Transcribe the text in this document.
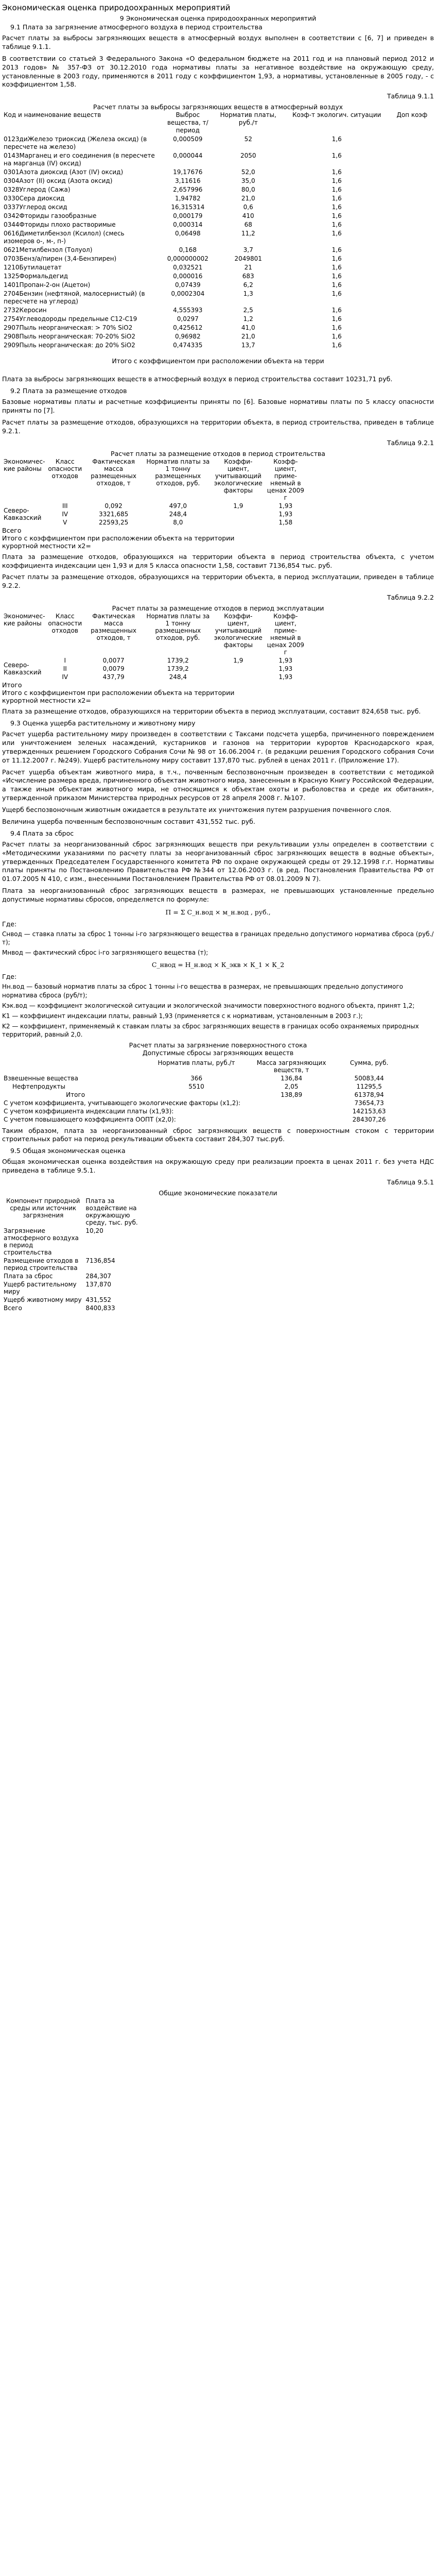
Экономическая оценка природоохранных мероприятий
9 Экономическая оценка природоохранных мероприятий
9.1 Плата за загрязнение атмосферного воздуха в период строительства

Расчет платы за выбросы загрязняющих веществ в атмосферный воздух выполнен в соответствии с [6, 7] и приведен в таблице 9.1.1.

В соответствии со статьей 3 Федерального Закона «О федеральном бюджете на 2011 год и на плановый период 2012 и 2013 годов» № 357-ФЗ от 30.12.2010 года нормативы платы за негативное воздействие на окружающую среду, установленные в 2003 году, применяются в 2011 году с коэффициентом 1,93, а нормативы, установленные в 2005 году, - с коэффициентом 1,58.

Таблица 9.1.1
Расчет платы за выбросы загрязняющих веществ в атмосферный воздух
Код и наименование веществ	Выброс вещества, т/период	Норматив платы, руб./т	Коэф-т экологич. ситуации	Доп коэф
0123диЖелезо триоксид (Железа оксид) (в пересчете на железо)	0,000509	52	1,6	
0143Марганец и его соединения (в пересчете на марганца (IV) оксид)	0,000044	2050	1,6	
0301Азота диоксид (Азот (IV) оксид)	19,17676	52,0	1,6	
0304Азот (II) оксид (Азота оксид)	3,11616	35,0	1,6	
0328Углерод (Сажа)	2,657996	80,0	1,6	
0330Сера диоксид	1,94782	21,0	1,6	
0337Углерод оксид	16,315314	0,6	1,6	
0342Фториды газообразные	0,000179	410	1,6	
0344Фториды плохо растворимые	0,000314	68	1,6	
0616Диметилбензол (Ксилол) (смесь изомеров о-, м-, п-)	0,06498	11,2	1,6	
0621Метилбензол (Толуол)	0,168	3,7	1,6	
0703Бенз/а/пирен (3,4-Бензпирен)	0,000000002	2049801	1,6	
1210Бутилацетат	0,032521	21	1,6	
1325Формальдегид	0,000016	683	1,6	
1401Пропан-2-он (Ацетон)	0,07439	6,2	1,6	
2704Бензин (нефтяной, малосернистый) (в пересчете на углерод)	0,0002304	1,3	1,6	
2732Керосин	4,555393	2,5	1,6	
2754Углеводороды предельные C12-C19	0,0297	1,2	1,6	
2907Пыль неорганическая: > 70% SiO2	0,425612	41,0	1,6	
2908Пыль неорганическая: 70-20% SiO2	0,96982	21,0	1,6	
2909Пыль неорганическая: до 20% SiO2	0,474335	13,7	1,6	
Итого с коэффициентом при расположении объекта на терри

Плата за выбросы загрязняющих веществ в атмосферный воздух в период строительства составит 10231,71 руб.

9.2 Плата за размещение отходов

Базовые нормативы платы и расчетные коэффициенты приняты по [6]. Базовые нормативы платы по 5 классу опасности приняты по [7].

Расчет платы за размещение отходов, образующихся на территории объекта, в период строительства, приведен в таблице 9.2.1.

Таблица 9.2.1
Расчет платы за размещение отходов в период строительства
Экономичес-кие районы	Класс опасности отходов	Фактическая масса размещенных отходов, т	Норматив платы за 1 тонну размещенных отходов, руб.	Коэффи-циент, учитывающий экологические факторы	Коэфф-циент, приме-няемый в ценах 2009 г	
Северо-Кавказский	III	0,092	497,0	1,9	1,93	
	IV	3321,685	248,4		1,93	
	V	22593,25	8,0		1,58	
Всего
Итого с коэффициентом при расположении объекта на территории курортной местности х2=

Плата за размещение отходов, образующихся на территории объекта в период строительства объекта, с учетом коэффициента индексации цен 1,93 и для 5 класса опасности 1,58, составит 7136,854 тыс. руб.

Расчет платы за размещение отходов, образующихся на территории объекта, в период эксплуатации, приведен в таблице 9.2.2.

Таблица 9.2.2
Расчет платы за размещение отходов в период эксплуатации
Экономичес-кие районы	Класс опасности отходов	Фактическая масса размещенных отходов, т	Норматив платы за 1 тонну размещенных отходов, руб.	Коэффи-циент, учитывающий экологические факторы	Коэфф-циент, приме-няемый в ценах 2009 г	
Северо-Кавказский	I	0,0077	1739,2	1,9	1,93	
	II	0,0079	1739,2		1,93	
	IV	437,79	248,4		1,93	
Итого
Итого с коэффициентом при расположении объекта на территории курортной местности х2=

Плата за размещение отходов, образующихся на территории объекта в период эксплуатации, составит 824,658 тыс. руб.

9.3 Оценка ущерба растительному и животному миру

Расчет ущерба растительному миру произведен в соответствии с Таксами подсчета ущерба, причиненного повреждением или уничтожением зеленых насаждений, кустарников и газонов на территории курортов Краснодарского края, утвержденных решением Городского Собрания Сочи № 98 от 16.06.2004 г. (в редакции решения Городского собрания Сочи от 11.12.2007 г. №249). Ущерб растительному миру составит 137,870 тыс. рублей в ценах 2011 г. (Приложение 17).

Расчет ущерба объектам животного мира, в т.ч., почвенным беспозвоночным произведен в соответствии с методикой «Исчисление размера вреда, причиненного объектам животного мира, занесенным в Красную Книгу Российской Федерации, а также иным объектам животного мира, не относящимся к объектам охоты и рыболовства и среде их обитания», утвержденной приказом Министерства природных ресурсов от 28 апреля 2008 г. №107.

Ущерб беспозвоночным животным ожидается в результате их уничтожения путем разрушения почвенного слоя.

Величина ущерба почвенным беспозвоночным составит 431,552 тыс. руб.

9.4 Плата за сброс

Расчет платы за неорганизованный сброс загрязняющих веществ при рекультивации узлы определен в соответствии с «Методическими указаниями по расчету платы за неорганизованный сброс загрязняющих веществ в водные объекты», утвержденных Председателем Государственного комитета РФ по охране окружающей среды от 29.12.1998 г.г. Нормативы платы приняты по Постановлению Правительства РФ №344 от 12.06.2003 г. (в ред. Постановления Правительства РФ от 01.07.2005 N 410, с изм., внесенными Постановлением Правительства РФ от 08.01.2009 N 7).

Плата за неорганизованный сброс загрязняющих веществ в размерах, не превышающих установленные предельно допустимые нормативы сбросов, определяется по формуле:

П = Σ С_н.вод × м_н.вод , руб.,
Где:

Снвод — ставка платы за сброс 1 тонны i-го загрязняющего вещества в границах предельно допустимого норматива сброса (руб./т);

Мнвод — фактический сброс i-го загрязняющего вещества (т);

С_нвод = Н_н.вод × К_экв × К_1 × К_2
Где:

Нн.вод — базовый норматив платы за сброс 1 тонны i-го вещества в размерах, не превышающих предельно допустимого норматива сброса (руб/т);

Кэк.вод — коэффициент экологической ситуации и экологической значимости поверхностного водного объекта, принят 1,2;

K1 — коэффициент индексации платы, равный 1,93 (применяется с к нормативам, установленным в 2003 г.);

K2 — коэффициент, применяемый к ставкам платы за сброс загрязняющих веществ в границах особо охраняемых природных территорий, равный 2,0.

Расчет платы за загрязнение поверхностного стока
Допустимые сбросы загрязняющих веществ
	Норматив платы, руб./т	Масса загрязняющих веществ, т	Сумма, руб.	
Взвешенные вещества	366	136,84	50083,44	
Нефтепродукты	5510	2,05	11295,5	
Итого		138,89	61378,94	
С учетом коэффициента, учитывающего экологические факторы (х1,2):			73654,73	
С учетом коэффициента индексации платы (х1,93):			142153,63	
С учетом повышающего коэффициента ООПТ (х2,0):			284307,26	

Таким образом, плата за неорганизованный сброс загрязняющих веществ с поверхностным стоком с территории строительных работ на период рекультивации объекта составит 284,307 тыс.руб.

9.5 Общая экономическая оценка

Общая экономическая оценка воздействия на окружающую среду при реализации проекта в ценах 2011 г. без учета НДС приведена в таблице 9.5.1.

Таблица 9.5.1
Общие экономические показатели
Компонент природной среды или источник загрязнения	Плата за воздействие на окружающую среду, тыс. руб.	
Загрязнение атмосферного воздуха в период строительства	10,20	
Размещение отходов в период строительства	7136,854	
Плата за сброс	284,307	
Ущерб растительному миру	137,870	
Ущерб животному миру	431,552	
Всего	8400,833	
